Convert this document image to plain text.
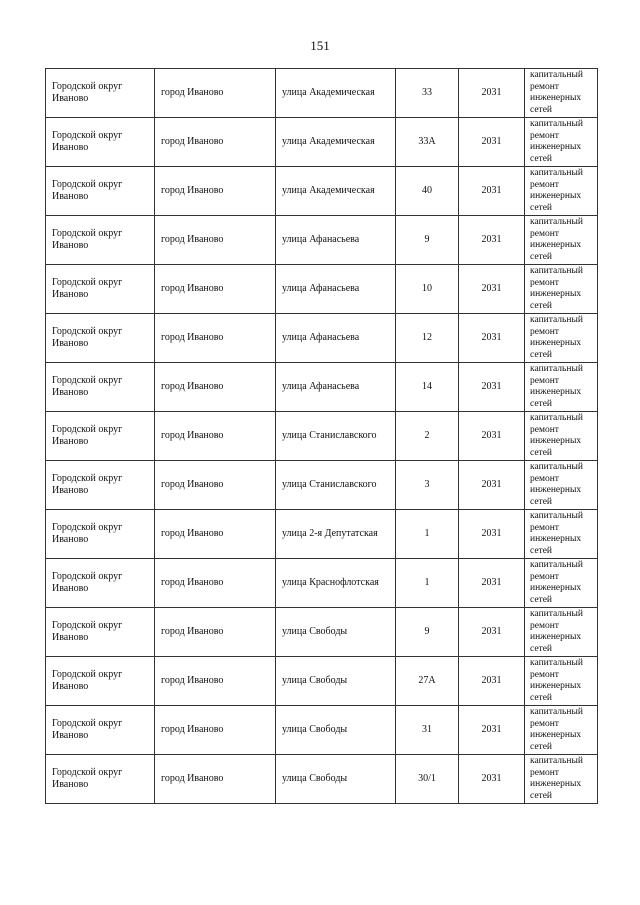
151
Городской округ Иваново	город Иваново	улица Академическая	33	2031	капитальный ремонт инженерных сетей
Городской округ Иваново	город Иваново	улица Академическая	33А	2031	капитальный ремонт инженерных сетей
Городской округ Иваново	город Иваново	улица Академическая	40	2031	капитальный ремонт инженерных сетей
Городской округ Иваново	город Иваново	улица Афанасьева	9	2031	капитальный ремонт инженерных сетей
Городской округ Иваново	город Иваново	улица Афанасьева	10	2031	капитальный ремонт инженерных сетей
Городской округ Иваново	город Иваново	улица Афанасьева	12	2031	капитальный ремонт инженерных сетей
Городской округ Иваново	город Иваново	улица Афанасьева	14	2031	капитальный ремонт инженерных сетей
Городской округ Иваново	город Иваново	улица Станиславского	2	2031	капитальный ремонт инженерных сетей
Городской округ Иваново	город Иваново	улица Станиславского	3	2031	капитальный ремонт инженерных сетей
Городской округ Иваново	город Иваново	улица 2-я Депутатская	1	2031	капитальный ремонт инженерных сетей
Городской округ Иваново	город Иваново	улица Краснофлотская	1	2031	капитальный ремонт инженерных сетей
Городской округ Иваново	город Иваново	улица Свободы	9	2031	капитальный ремонт инженерных сетей
Городской округ Иваново	город Иваново	улица Свободы	27А	2031	капитальный ремонт инженерных сетей
Городской округ Иваново	город Иваново	улица Свободы	31	2031	капитальный ремонт инженерных сетей
Городской округ Иваново	город Иваново	улица Свободы	30/1	2031	капитальный ремонт инженерных сетей
